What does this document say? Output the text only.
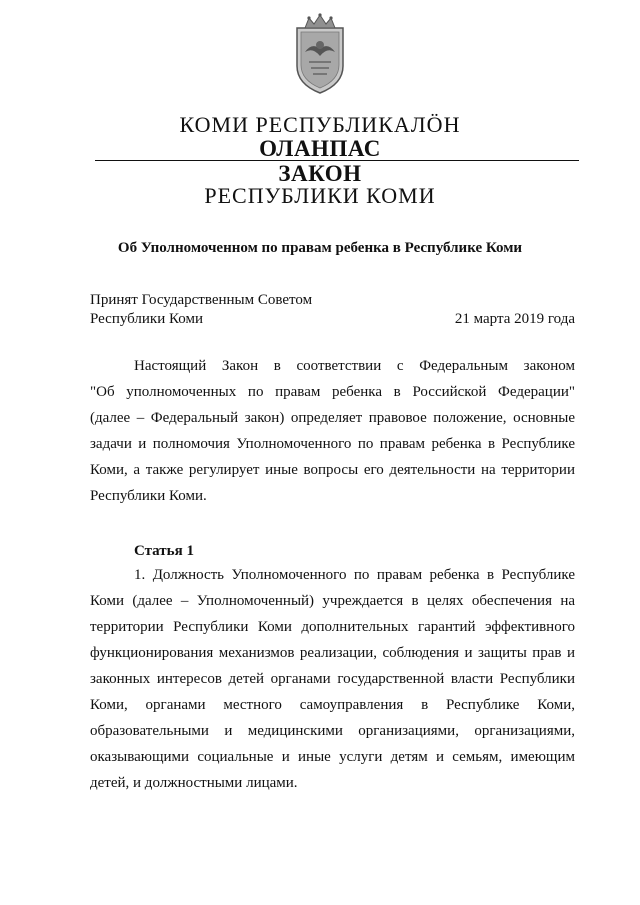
КОМИ РЕСПУБЛИКАЛӦН
ОЛАНПАС
ЗАКОН
РЕСПУБЛИКИ КОМИ
Об Уполномоченном по правам ребенка в Республике Коми
Принят Государственным Советом
Республики Коми	21 марта 2019 года
Настоящий Закон в соответствии с Федеральным законом
"Об уполномоченных по правам ребенка в Российской Федерации"
(далее – Федеральный закон) определяет правовое положение, основные
задачи и полномочия Уполномоченного по правам ребенка в Республике
Коми, а также регулирует иные вопросы его деятельности на территории
Республики Коми.
Статья 1
1. Должность Уполномоченного по правам ребенка в Республике
Коми (далее – Уполномоченный) учреждается в целях обеспечения на
территории Республики Коми дополнительных гарантий эффективного
функционирования механизмов реализации, соблюдения и защиты прав и
законных интересов детей органами государственной власти Республики
Коми, органами местного самоуправления в Республике Коми,
образовательными и медицинскими организациями, организациями,
оказывающими социальные и иные услуги детям и семьям, имеющим
детей, и должностными лицами.
